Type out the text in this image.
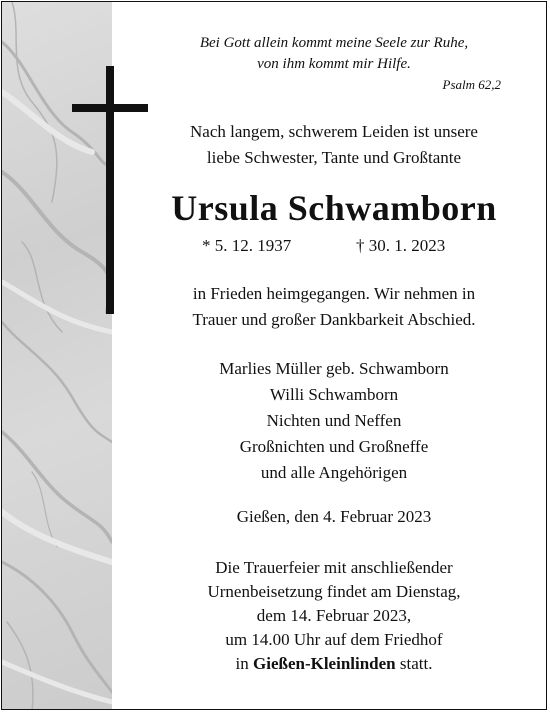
Bei Gott allein kommt meine Seele zur Ruhe,
von ihm kommt mir Hilfe.
Psalm 62,2
Nach langem, schwerem Leiden ist unsere
liebe Schwester, Tante und Großtante
Ursula Schwamborn
* 5. 12. 1937	† 30. 1. 2023
in Frieden heimgegangen. Wir nehmen in
Trauer und großer Dankbarkeit Abschied.
Marlies Müller geb. Schwamborn
Willi Schwamborn
Nichten und Neffen
Großnichten und Großneffe
und alle Angehörigen
Gießen, den 4. Februar 2023
Die Trauerfeier mit anschließender
Urnenbeisetzung findet am Dienstag,
dem 14. Februar 2023,
um 14.00 Uhr auf dem Friedhof
in Gießen-Kleinlinden statt.
